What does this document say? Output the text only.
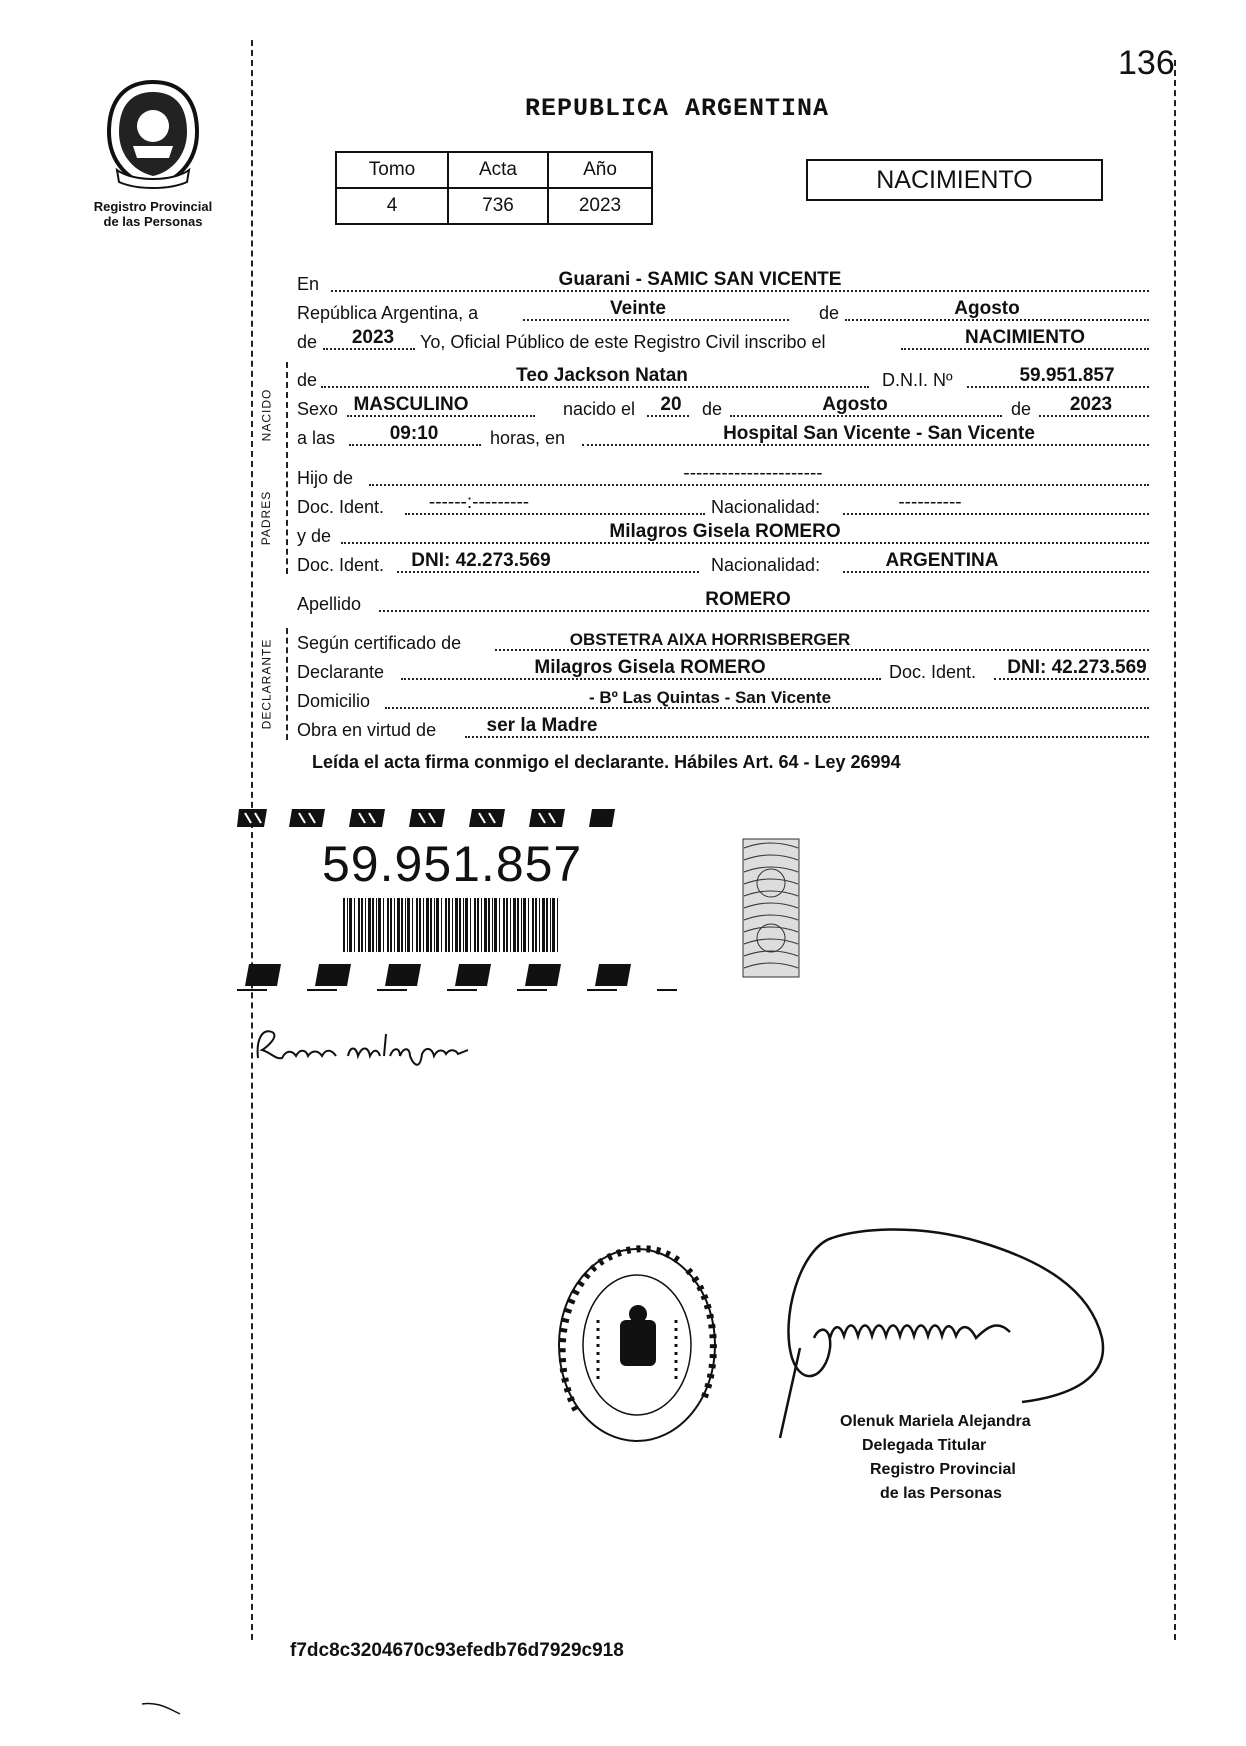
136
Registro Provincial
de las Personas
REPUBLICA ARGENTINA
Tomo	Acta	Año
4	736	2023
NACIMIENTO
NACIDO
PADRES
DECLARANTE
En	Guarani - SAMIC SAN VICENTE
República Argentina, a	Veinte	de	Agosto
de 2023 Yo, Oficial Público de este Registro Civil inscribo el	NACIMIENTO
de	Teo Jackson Natan	D.N.I. Nº	59.951.857
Sexo MASCULINO	nacido el 20 de	Agosto	de 2023
a las	09:10	horas, en	Hospital San Vicente - San Vicente
Hijo de	----------------------
Doc. Ident. ------:---------	Nacionalidad:	----------
y de	Milagros Gisela ROMERO
Doc. Ident. DNI: 42.273.569	Nacionalidad:	ARGENTINA
Apellido	ROMERO
Según certificado de	OBSTETRA AIXA HORRISBERGER
Declarante	Milagros Gisela ROMERO	Doc. Ident. DNI: 42.273.569
Domicilio	- Bº Las Quintas - San Vicente
Obra en virtud de	ser la Madre
Leída el acta firma conmigo el declarante. Hábiles Art. 64 - Ley 26994
59.951.857
Olenuk Mariela Alejandra
Delegada Titular
Registro Provincial
de las Personas
f7dc8c3204670c93efedb76d7929c918
